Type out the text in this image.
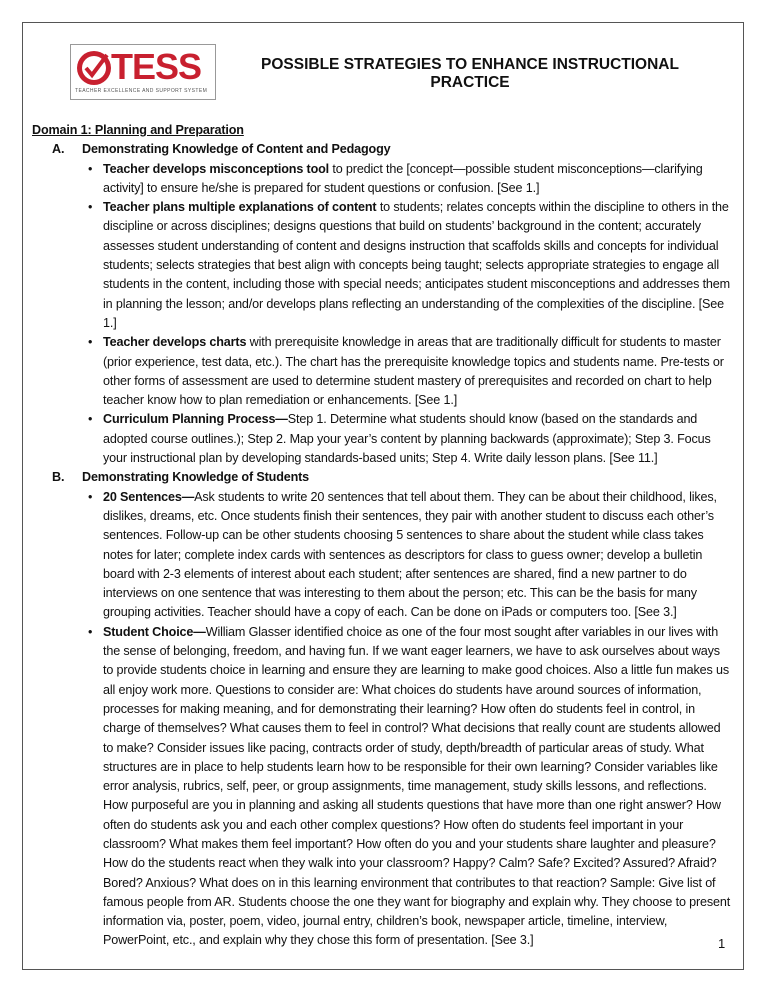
TESS
TEACHER EXCELLENCE AND SUPPORT SYSTEM
POSSIBLE STRATEGIES TO ENHANCE INSTRUCTIONAL PRACTICE
Domain 1: Planning and Preparation
A. Demonstrating Knowledge of Content and Pedagogy
• Teacher develops misconceptions tool to predict the [concept—possible student misconceptions—clarifying activity] to ensure he/she is prepared for student questions or confusion. [See 1.]
• Teacher plans multiple explanations of content to students; relates concepts within the discipline to others in the discipline or across disciplines; designs questions that build on students’ background in the content; accurately assesses student understanding of content and designs instruction that scaffolds skills and concepts for individual students; selects strategies that best align with concepts being taught; selects appropriate strategies to engage all students in the content, including those with special needs; anticipates student misconceptions and addresses them in planning the lesson; and/or develops plans reflecting an understanding of the complexities of the discipline. [See 1.]
• Teacher develops charts with prerequisite knowledge in areas that are traditionally difficult for students to master (prior experience, test data, etc.). The chart has the prerequisite knowledge topics and students name. Pre-tests or other forms of assessment are used to determine student mastery of prerequisites and recorded on chart to help teacher know how to plan remediation or enhancements. [See 1.]
• Curriculum Planning Process—Step 1. Determine what students should know (based on the standards and adopted course outlines.); Step 2. Map your year’s content by planning backwards (approximate); Step 3. Focus your instructional plan by developing standards-based units; Step 4. Write daily lesson plans. [See 11.]
B. Demonstrating Knowledge of Students
• 20 Sentences—Ask students to write 20 sentences that tell about them. They can be about their childhood, likes, dislikes, dreams, etc. Once students finish their sentences, they pair with another student to discuss each other’s sentences. Follow-up can be other students choosing 5 sentences to share about the student while class takes notes for later; complete index cards with sentences as descriptors for class to guess owner; develop a bulletin board with 2-3 elements of interest about each student; after sentences are shared, find a new partner to do interviews on one sentence that was interesting to them about the person; etc. This can be the basis for many grouping activities. Teacher should have a copy of each. Can be done on iPads or computers too. [See 3.]
• Student Choice—William Glasser identified choice as one of the four most sought after variables in our lives with the sense of belonging, freedom, and having fun. If we want eager learners, we have to ask ourselves about ways to provide students choice in learning and ensure they are learning to make good choices. Also a little fun makes us all enjoy work more. Questions to consider are: What choices do students have around sources of information, processes for making meaning, and for demonstrating their learning? How often do students feel in control, in charge of themselves? What causes them to feel in control? What decisions that really count are students allowed to make? Consider issues like pacing, contracts order of study, depth/breadth of particular areas of study. What structures are in place to help students learn how to be responsible for their own learning? Consider variables like error analysis, rubrics, self, peer, or group assignments, time management, study skills lessons, and reflections. How purposeful are you in planning and asking all students questions that have more than one right answer? How often do students ask you and each other complex questions? How often do students feel important in your classroom? What makes them feel important? How often do you and your students share laughter and pleasure? How do the students react when they walk into your classroom? Happy? Calm? Safe? Excited? Assured? Afraid? Bored? Anxious? What does on in this learning environment that contributes to that reaction? Sample: Give list of famous people from AR. Students choose the one they want for biography and explain why. They choose to present information via, poster, poem, video, journal entry, children’s book, newspaper article, timeline, interview, PowerPoint, etc., and explain why they chose this form of presentation. [See 3.]	1
